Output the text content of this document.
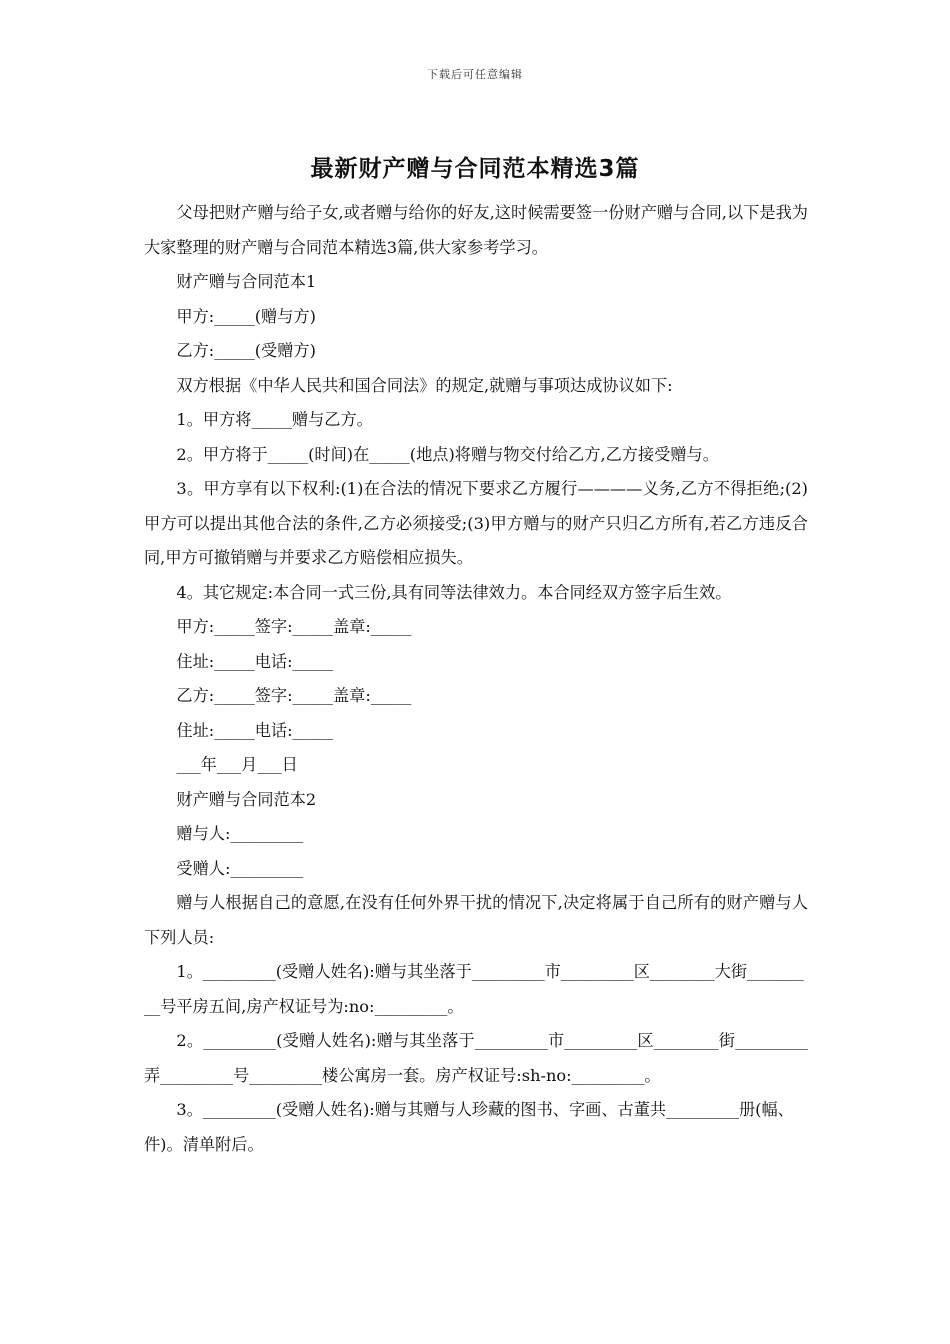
下载后可任意编辑
最新财产赠与合同范本精选3篇

父母把财产赠与给子女,或者赠与给你的好友,这时候需要签一份财产赠与合同,以下是我为大家整理的财产赠与合同范本精选3篇,供大家参考学习。

财产赠与合同范本1

甲方:_____(赠与方)

乙方:_____(受赠方)

双方根据《中华人民共和国合同法》的规定,就赠与事项达成协议如下:

1。甲方将_____赠与乙方。

2。甲方将于_____(时间)在_____(地点)将赠与物交付给乙方,乙方接受赠与。

3。甲方享有以下权利:(1)在合法的情况下要求乙方履行————义务,乙方不得拒绝;(2)甲方可以提出其他合法的条件,乙方必须接受;(3)甲方赠与的财产只归乙方所有,若乙方违反合同,甲方可撤销赠与并要求乙方赔偿相应损失。

4。其它规定:本合同一式三份,具有同等法律效力。本合同经双方签字后生效。

甲方:_____签字:_____盖章:_____

住址:_____电话:_____

乙方:_____签字:_____盖章:_____

住址:_____电话:_____

___年___月___日

财产赠与合同范本2

赠与人:_________

受赠人:_________

赠与人根据自己的意愿,在没有任何外界干扰的情况下,决定将属于自己所有的财产赠与人下列人员:

1。_________(受赠人姓名):赠与其坐落于_________市_________区________大街_________号平房五间,房产权证号为:no:_________。

2。_________(受赠人姓名):赠与其坐落于_________市_________区________街_________弄_________号_________楼公寓房一套。房产权证号:sh-no:_________。

3。_________(受赠人姓名):赠与其赠与人珍藏的图书、字画、古董共_________册(幅、件)。清单附后。
